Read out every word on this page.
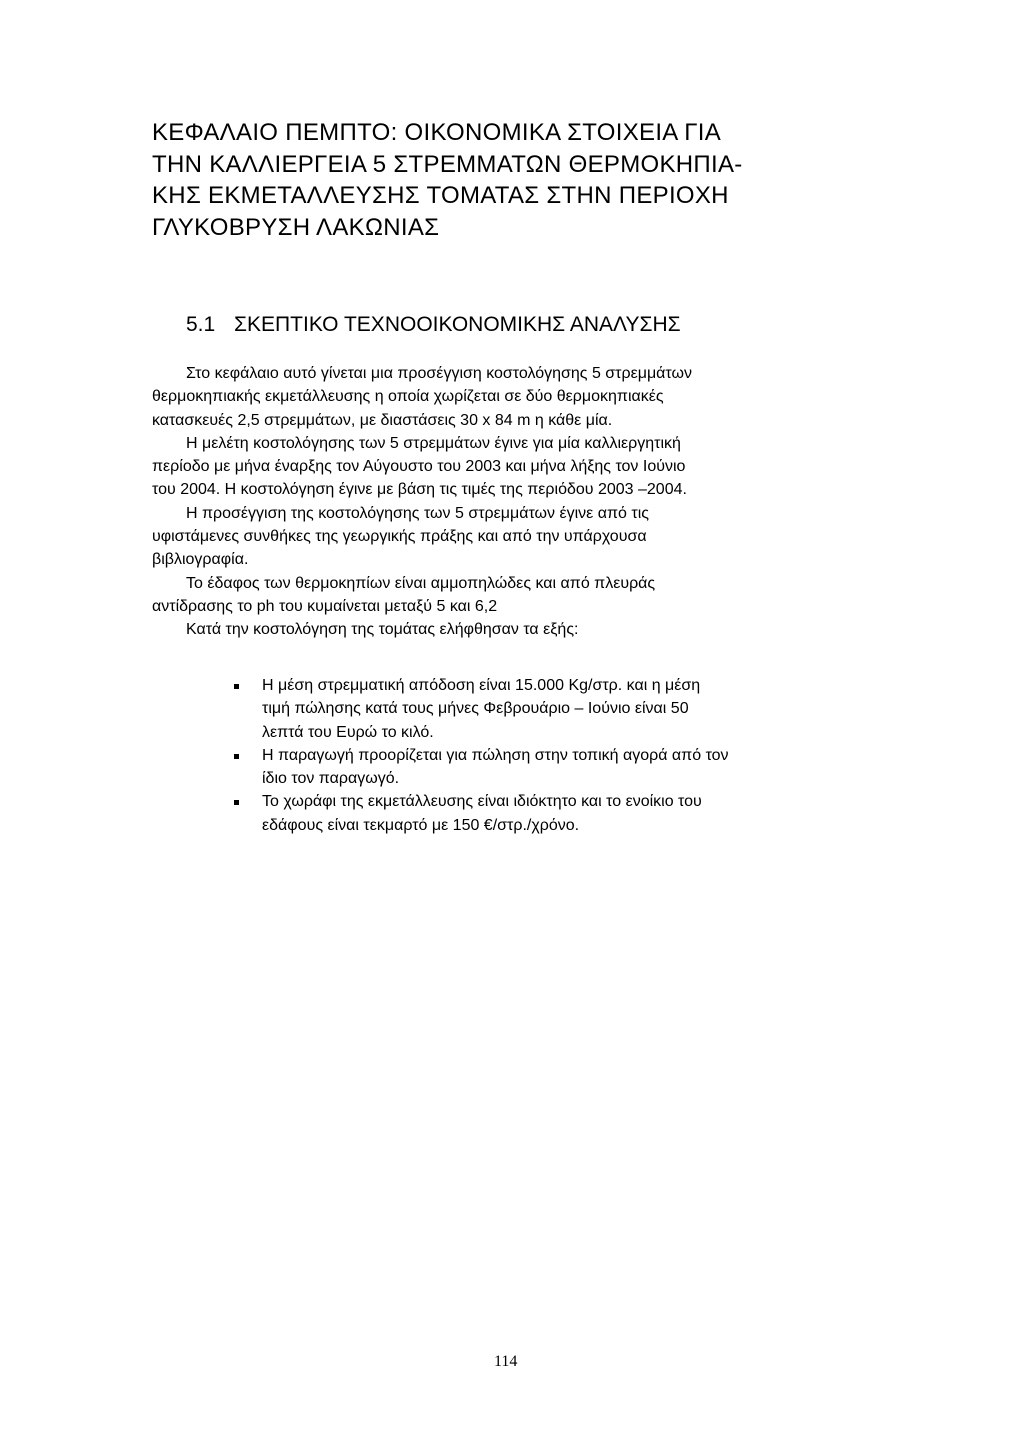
ΚΕΦΑΛΑΙΟ ΠΕΜΠΤΟ: ΟΙΚΟΝΟΜΙΚΑ ΣΤΟΙΧΕΙΑ ΓΙΑ
ΤΗΝ ΚΑΛΛΙΕΡΓΕΙΑ 5 ΣΤΡΕΜΜΑΤΩΝ ΘΕΡΜΟΚΗΠΙΑ-
ΚΗΣ ΕΚΜΕΤΑΛΛΕΥΣΗΣ ΤΟΜΑΤΑΣ ΣΤΗΝ ΠΕΡΙΟΧΗ
ΓΛΥΚΟΒΡΥΣΗ ΛΑΚΩΝΙΑΣ
5.1 ΣΚΕΠΤΙΚΟ ΤΕΧΝΟΟΙΚΟΝΟΜΙΚΗΣ ΑΝΑΛΥΣΗΣ
Στο κεφάλαιο αυτό γίνεται μια προσέγγιση κοστολόγησης 5 στρεμμάτων
θερμοκηπιακής εκμετάλλευσης η οποία χωρίζεται σε δύο θερμοκηπιακές
κατασκευές 2,5 στρεμμάτων, με διαστάσεις 30 x 84 m η κάθε μία.
Η μελέτη κοστολόγησης των 5 στρεμμάτων έγινε για μία καλλιεργητική
περίοδο με μήνα έναρξης τον Αύγουστο του 2003 και μήνα λήξης τον Ιούνιο
του 2004. Η κοστολόγηση έγινε με βάση τις τιμές της περιόδου 2003 –2004.
Η προσέγγιση της κοστολόγησης των 5 στρεμμάτων έγινε από τις
υφιστάμενες συνθήκες της γεωργικής πράξης και από την υπάρχουσα
βιβλιογραφία.
Το έδαφος των θερμοκηπίων είναι αμμοπηλώδες και από πλευράς
αντίδρασης το ph του κυμαίνεται μεταξύ 5 και 6,2
Κατά την κοστολόγηση της τομάτας ελήφθησαν τα εξής:
Η μέση στρεμματική απόδοση είναι 15.000 Kg/στρ. και η μέση
τιμή πώλησης κατά τους μήνες Φεβρουάριο – Ιούνιο είναι 50
λεπτά του Ευρώ το κιλό.
Η παραγωγή προορίζεται για πώληση στην τοπική αγορά από τον
ίδιο τον παραγωγό.
Το χωράφι της εκμετάλλευσης είναι ιδιόκτητο και το ενοίκιο του
εδάφους είναι τεκμαρτό με 150 €/στρ./χρόνο.
114
